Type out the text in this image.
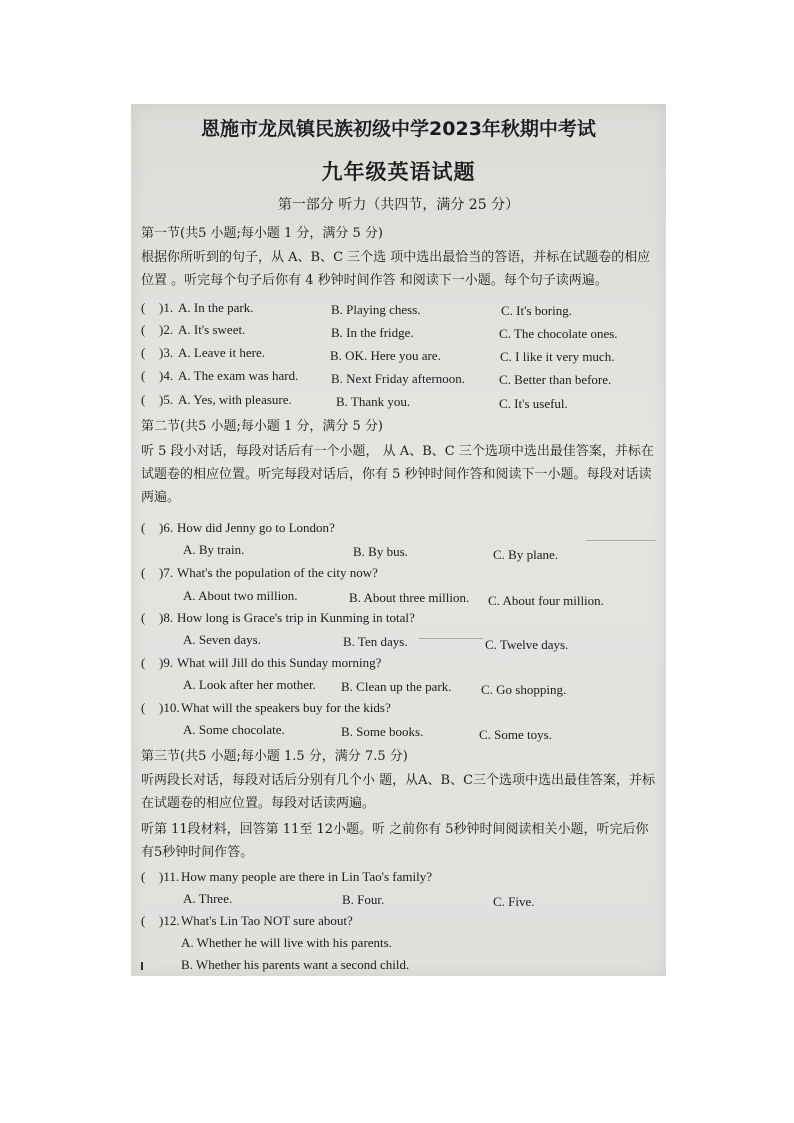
恩施市龙凤镇民族初级中学2023年秋期中考试
九年级英语试题
第一部分 听力（共四节，满分 25 分）
第一节(共5 小题;每小题 1 分，满分 5 分)
根据你所听到的句子，从 A、B、C 三个选 项中选出最恰当的答语，并标在试题卷的相应位置 。听完每个句子后你有 4 秒钟时间作答 和阅读下一小题。每个句子读两遍。
( )1. A. In the park.	B. Playing chess.	C. It's boring.
( )2. A. It's sweet.	B. In the fridge.	C. The chocolate ones.
( )3. A. Leave it here.	B. OK. Here you are.	C. I like it very much.
( )4. A. The exam was hard.	B. Next Friday afternoon.	C. Better than before.
( )5. A. Yes, with pleasure.	B. Thank you.	C. It's useful.
第二节(共5 小题;每小题 1 分，满分 5 分)
听 5 段小对话，每段对话后有一个小题， 从 A、B、C 三个选项中选出最佳答案，并标在 试题卷的相应位置。听完每段对话后，你有 5 秒钟时间作答和阅读下一小题。每段对话读 两遍。
( )6. How did Jenny go to London?
A. By train.	B. By bus.	C. By plane.
( )7. What's the population of the city now?
A. About two million.	B. About three million. C. About four million.
( )8. How long is Grace's trip in Kunming in total?
A. Seven days.	B. Ten days.	C. Twelve days.
( )9. What will Jill do this Sunday morning?
A. Look after her mother. B. Clean up the park. C. Go shopping.
( )10. What will the speakers buy for the kids?
A. Some chocolate.	B. Some books.	C. Some toys.
第三节(共5 小题;每小题 1.5 分，满分 7.5 分)
听两段长对话，每段对话后分别有几个小 题，从A、B、C三个选项中选出最佳答案，并标 在试题卷的相应位置。每段对话读两遍。
听第 11段材料，回答第 11至 12小题。听 之前你有 5秒钟时间阅读相关小题，听完后你 有5秒钟时间作答。
( )11. How many people are there in Lin Tao's family?
A. Three.	B. Four.	C. Five.
( )12. What's Lin Tao NOT sure about?
A. Whether he will live with his parents.
B. Whether his parents want a second child.
